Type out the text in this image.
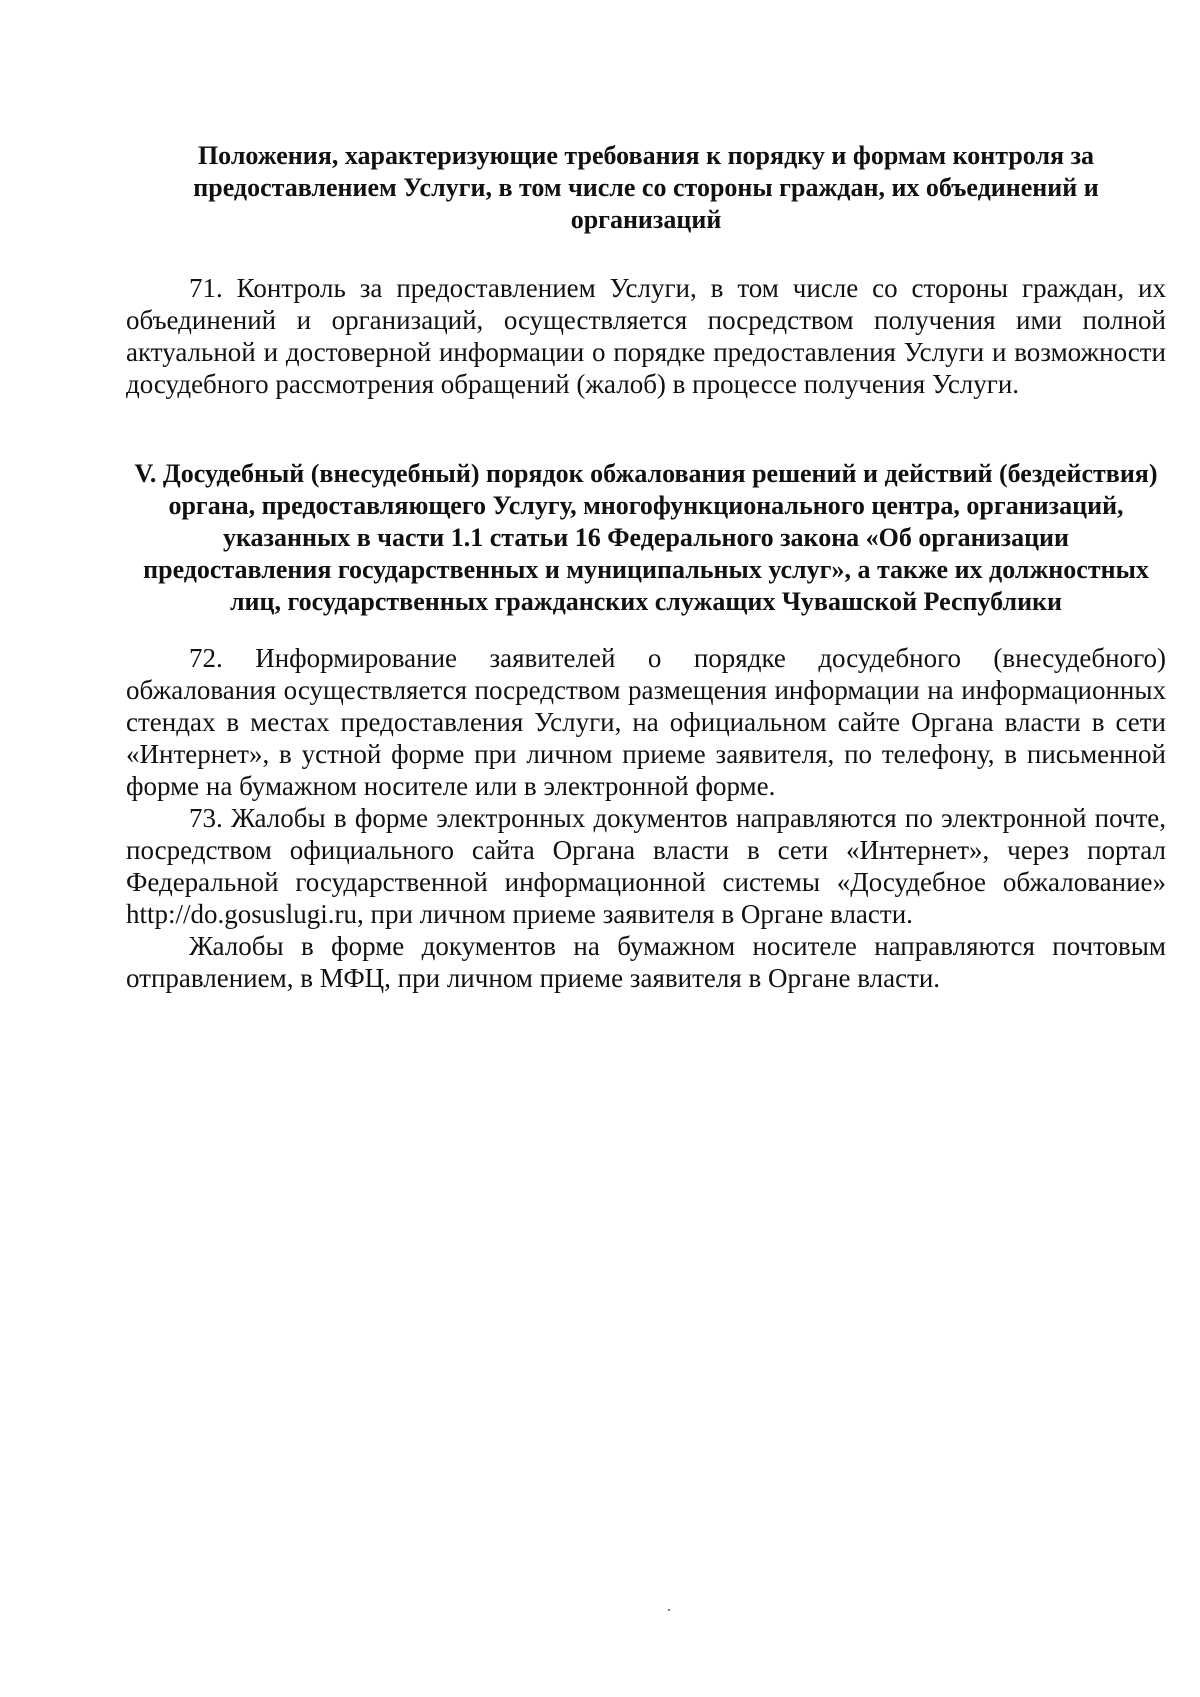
Положения, характеризующие требования к порядку и формам контроля за предоставлением Услуги, в том числе со стороны граждан, их объединений и организаций

71. Контроль за предоставлением Услуги, в том числе со стороны граждан, их объединений и организаций, осуществляется посредством получения ими полной актуальной и достоверной информации о порядке предоставления Услуги и возможности досудебного рассмотрения обращений (жалоб) в процессе получения Услуги.

V. Досудебный (внесудебный) порядок обжалования решений и действий (бездействия) органа, предоставляющего Услугу, многофункционального центра, организаций, указанных в части 1.1 статьи 16 Федерального закона «Об организации предоставления государственных и муниципальных услуг», а также их должностных лиц, государственных гражданских служащих Чувашской Республики

72. Информирование заявителей о порядке досудебного (внесудебного) обжалования осуществляется посредством размещения информации на информационных стендах в местах предоставления Услуги, на официальном сайте Органа власти в сети «Интернет», в устной форме при личном приеме заявителя, по телефону, в письменной форме на бумажном носителе или в электронной форме.

73. Жалобы в форме электронных документов направляются по электронной почте, посредством официального сайта Органа власти в сети «Интернет», через портал Федеральной государственной информационной системы «Досудебное обжалование» http://do.gosuslugi.ru, при личном приеме заявителя в Органе власти.

Жалобы в форме документов на бумажном носителе направляются почтовым отправлением, в МФЦ, при личном приеме заявителя в Органе власти.
